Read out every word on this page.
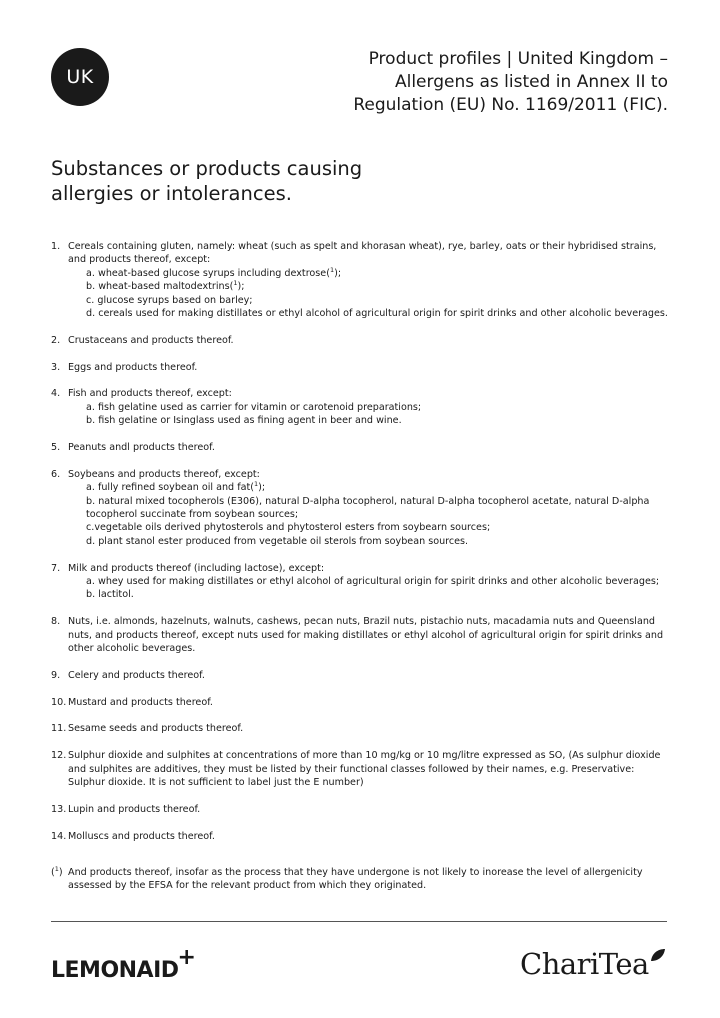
UK
Product profiles | United Kingdom –
Allergens as listed in Annex II to
Regulation (EU) No. 1169/2011 (FIC).
Substances or products causing
allergies or intolerances.
1. Cereals containing gluten, namely: wheat (such as spelt and khorasan wheat), rye, barley, oats or their hybridised strains, and products thereof, except:
a. wheat-based glucose syrups including dextrose($^1$);
b. wheat-based maltodextrins($^1$);
c. glucose syrups based on barley;
d. cereals used for making distillates or ethyl alcohol of agricultural origin for spirit drinks and other alcoholic beverages.
2. Crustaceans and products thereof.
3. Eggs and products thereof.
4. Fish and products thereof, except:
a. fish gelatine used as carrier for vitamin or carotenoid preparations;
b. fish gelatine or Isinglass used as fining agent in beer and wine.
5. Peanuts andl products thereof.
6. Soybeans and products thereof, except:
a. fully refined soybean oil and fat($^1$);
b. natural mixed tocopherols (E306), natural D-alpha tocopherol, natural D-alpha tocopherol acetate, natural D-alpha tocopherol succinate from soybean sources;
c.vegetable oils derived phytosterols and phytosterol esters from soybearn sources;
d. plant stanol ester produced from vegetable oil sterols from soybean sources.
7. Milk and products thereof (including lactose), except:
a. whey used for making distillates or ethyl alcohol of agricultural origin for spirit drinks and other alcoholic beverages;
b. lactitol.
8. Nuts, i.e. almonds, hazelnuts, walnuts, cashews, pecan nuts, Brazil nuts, pistachio nuts, macadamia nuts and Queensland nuts, and products thereof, except nuts used for making distillates or ethyl alcohol of agricultural origin for spirit drinks and other alcoholic beverages.
9. Celery and products thereof.
10. Mustard and products thereof.
11. Sesame seeds and products thereof.
12. Sulphur dioxide and sulphites at concentrations of more than 10 mg/kg or 10 mg/litre expressed as SO, (As sulphur dioxide and sulphites are additives, they must be listed by their functional classes followed by their names, e.g. Preservative: Sulphur dioxide. It is not sufficient to label just the E number)
13. Lupin and products thereof.
14. Molluscs and products thereof.
($^1$) And products thereof, insofar as the process that they have undergone is not likely to inorease the level of allergenicity assessed by the EFSA for the relevant product from which they originated.
LEMONAID
+	ChariTea
